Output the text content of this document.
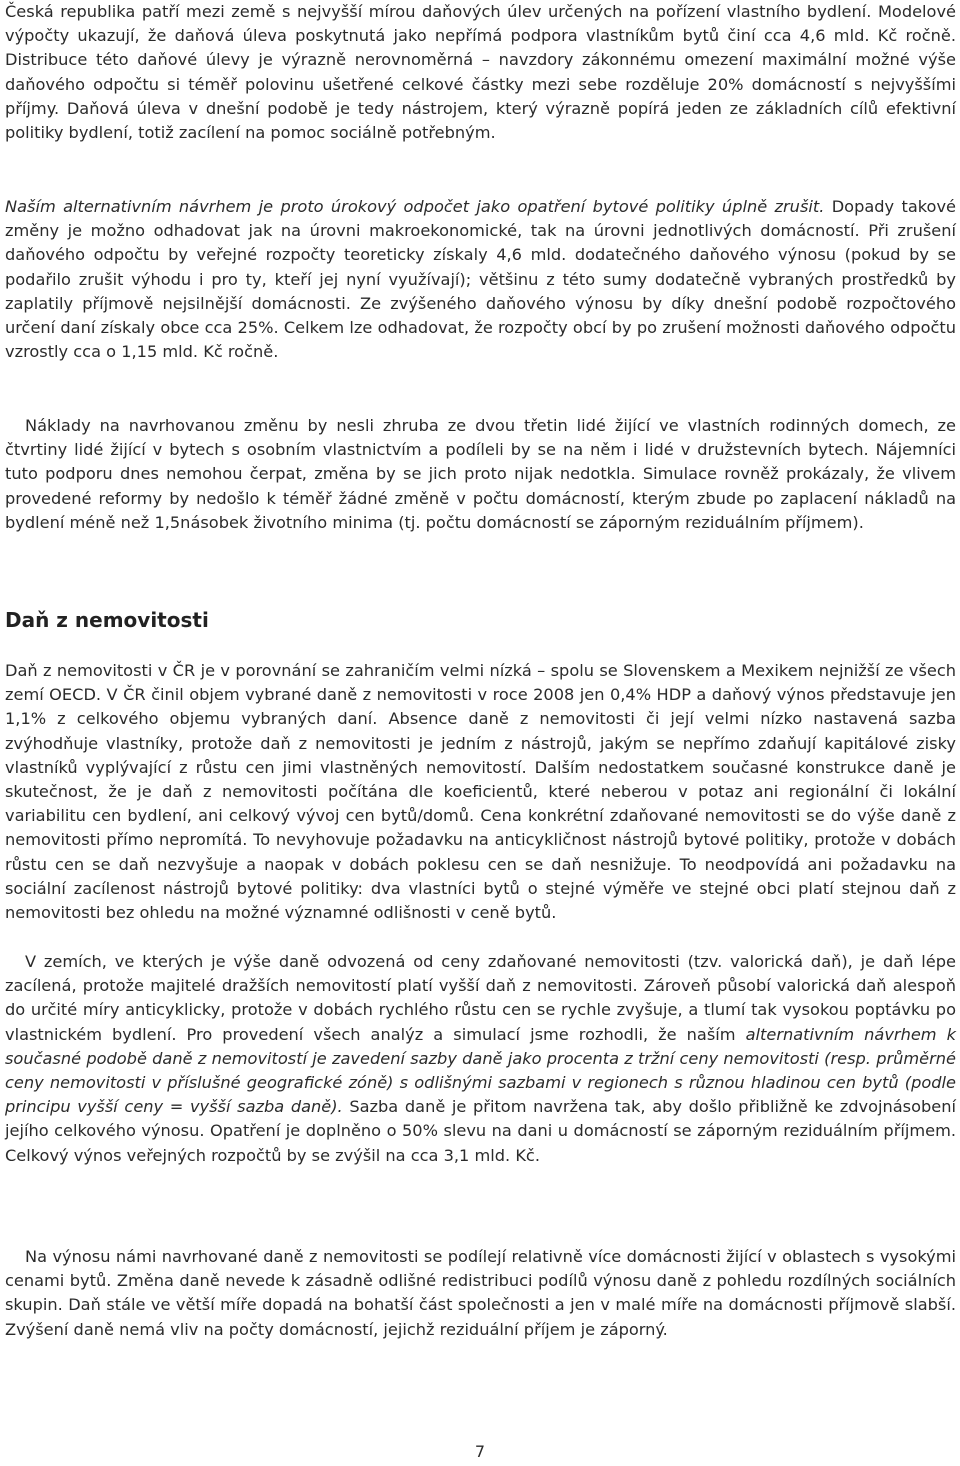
Česká republika patří mezi země s nejvyšší mírou daňových úlev určených na pořízení vlastního bydlení. Modelové výpočty ukazují, že daňová úleva poskytnutá jako nepřímá podpora vlastníkům bytů činí cca 4,6 mld. Kč ročně. Distribuce této daňové úlevy je výrazně nerovnoměrná – navzdory zákonnému omezení maximální možné výše daňového odpočtu si téměř polovinu ušetřené celkové částky mezi sebe rozděluje 20% domácností s nejvyššími příjmy. Daňová úleva v dnešní podobě je tedy nástrojem, který výrazně popírá jeden ze základních cílů efektivní politiky bydlení, totiž zacílení na pomoc sociálně potřebným.

Naším alternativním návrhem je proto úrokový odpočet jako opatření bytové politiky úplně zrušit. Dopady takové změny je možno odhadovat jak na úrovni makroekonomické, tak na úrovni jednotlivých domácností. Při zrušení daňového odpočtu by veřejné rozpočty teoreticky získaly 4,6 mld. dodatečného daňového výnosu (pokud by se podařilo zrušit výhodu i pro ty, kteří jej nyní využívají); většinu z této sumy dodatečně vybraných prostředků by zaplatily příjmově nejsilnější domácnosti. Ze zvýšeného daňového výnosu by díky dnešní podobě rozpočtového určení daní získaly obce cca 25%. Celkem lze odhadovat, že rozpočty obcí by po zrušení možnosti daňového odpočtu vzrostly cca o 1,15 mld. Kč ročně.

Náklady na navrhovanou změnu by nesli zhruba ze dvou třetin lidé žijící ve vlastních rodinných domech, ze čtvrtiny lidé žijící v bytech s osobním vlastnictvím a podíleli by se na něm i lidé v družstevních bytech. Nájemníci tuto podporu dnes nemohou čerpat, změna by se jich proto nijak nedotkla. Simulace rovněž prokázaly, že vlivem provedené reformy by nedošlo k téměř žádné změně v počtu domácností, kterým zbude po zaplacení nákladů na bydlení méně než 1,5násobek životního minima (tj. počtu domácností se záporným reziduálním příjmem).

Daň z nemovitosti

Daň z nemovitosti v ČR je v porovnání se zahraničím velmi nízká – spolu se Slovenskem a Mexikem nejnižší ze všech zemí OECD. V ČR činil objem vybrané daně z nemovitosti v roce 2008 jen 0,4% HDP a daňový výnos představuje jen 1,1% z celkového objemu vybraných daní. Absence daně z nemovitosti či její velmi nízko nastavená sazba zvýhodňuje vlastníky, protože daň z nemovitosti je jedním z nástrojů, jakým se nepřímo zdaňují kapitálové zisky vlastníků vyplývající z růstu cen jimi vlastněných nemovitostí. Dalším nedostatkem současné konstrukce daně je skutečnost, že je daň z nemovitosti počítána dle koeficientů, které neberou v potaz ani regionální či lokální variabilitu cen bydlení, ani celkový vývoj cen bytů/domů. Cena konkrétní zdaňované nemovitosti se do výše daně z nemovitosti přímo nepromítá. To nevyhovuje požadavku na anticykličnost nástrojů bytové politiky, protože v dobách růstu cen se daň nezvyšuje a naopak v dobách poklesu cen se daň nesnižuje. To neodpovídá ani požadavku na sociální zacílenost nástrojů bytové politiky: dva vlastníci bytů o stejné výměře ve stejné obci platí stejnou daň z nemovitosti bez ohledu na možné významné odlišnosti v ceně bytů.

V zemích, ve kterých je výše daně odvozená od ceny zdaňované nemovitosti (tzv. valorická daň), je daň lépe zacílená, protože majitelé dražších nemovitostí platí vyšší daň z nemovitosti. Zároveň působí valorická daň alespoň do určité míry anticyklicky, protože v dobách rychlého růstu cen se rychle zvyšuje, a tlumí tak vysokou poptávku po vlastnickém bydlení. Pro provedení všech analýz a simulací jsme rozhodli, že naším alternativním návrhem k současné podobě daně z nemovitostí je zavedení sazby daně jako procenta z tržní ceny nemovitosti (resp. průměrné ceny nemovitosti v příslušné geografické zóně) s odlišnými sazbami v regionech s různou hladinou cen bytů (podle principu vyšší ceny = vyšší sazba daně). Sazba daně je přitom navržena tak, aby došlo přibližně ke zdvojnásobení jejího celkového výnosu. Opatření je doplněno o 50% slevu na dani u domácností se záporným reziduálním příjmem. Celkový výnos veřejných rozpočtů by se zvýšil na cca 3,1 mld. Kč.

Na výnosu námi navrhované daně z nemovitosti se podílejí relativně více domácnosti žijící v oblastech s vysokými cenami bytů. Změna daně nevede k zásadně odlišné redistribuci podílů výnosu daně z pohledu rozdílných sociálních skupin. Daň stále ve větší míře dopadá na bohatší část společnosti a jen v malé míře na domácnosti příjmově slabší. Zvýšení daně nemá vliv na počty domácností, jejichž reziduální příjem je záporný.

7
